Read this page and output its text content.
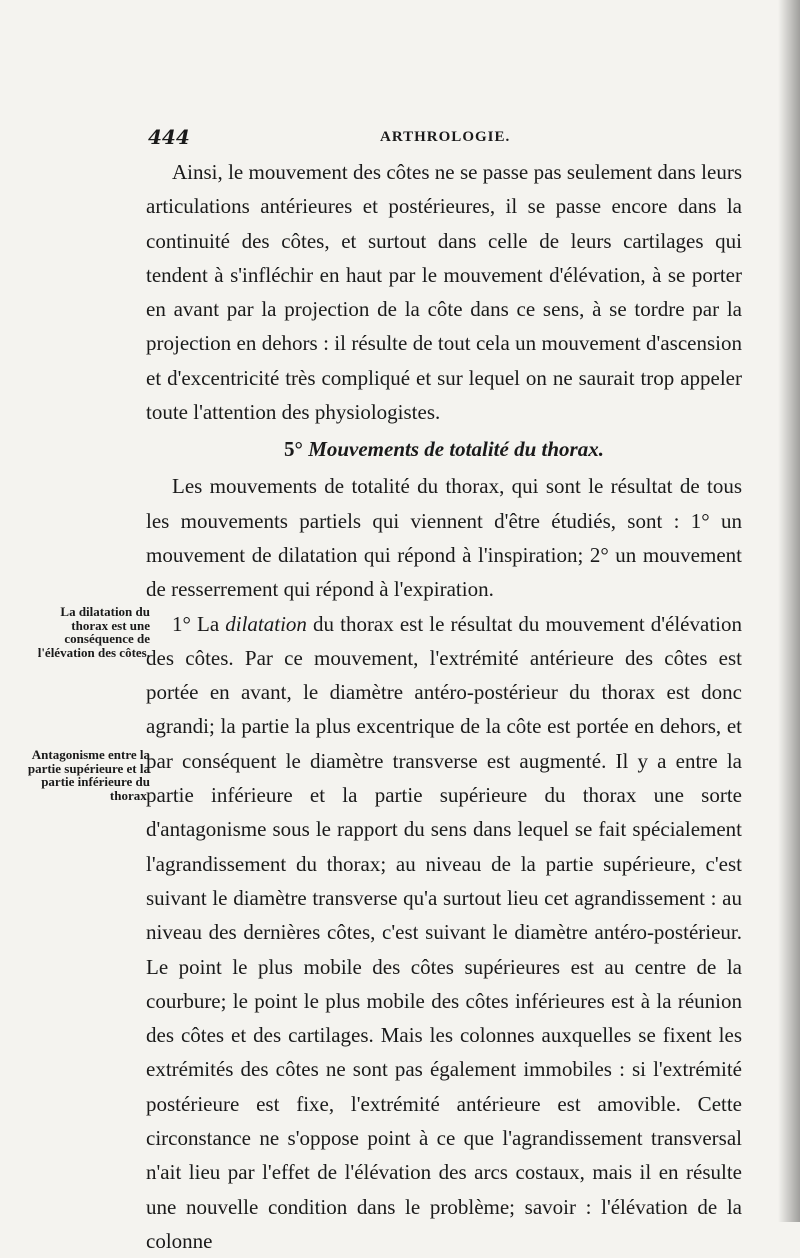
444	ARTHROLOGIE.
La dilatation du thorax est une conséquence de l'élévation des côtes.
Antagonisme entre la partie supérieure et la partie inférieure du thorax.

Ainsi, le mouvement des côtes ne se passe pas seulement dans leurs articulations antérieures et postérieures, il se passe encore dans la continuité des côtes, et surtout dans celle de leurs cartilages qui tendent à s'infléchir en haut par le mouvement d'élévation, à se porter en avant par la projection de la côte dans ce sens, à se tordre par la projection en dehors : il résulte de tout cela un mouvement d'ascension et d'excentricité très compliqué et sur lequel on ne saurait trop appeler toute l'attention des physiologistes.

5° Mouvements de totalité du thorax.

Les mouvements de totalité du thorax, qui sont le résultat de tous les mouvements partiels qui viennent d'être étudiés, sont : 1° un mouvement de dilatation qui répond à l'inspiration; 2° un mouvement de resserrement qui répond à l'expiration.

1° La dilatation du thorax est le résultat du mouvement d'élévation des côtes. Par ce mouvement, l'extrémité antérieure des côtes est portée en avant, le diamètre antéro-postérieur du thorax est donc agrandi; la partie la plus excentrique de la côte est portée en dehors, et par conséquent le diamètre transverse est augmenté. Il y a entre la partie inférieure et la partie supérieure du thorax une sorte d'antagonisme sous le rapport du sens dans lequel se fait spécialement l'agrandissement du thorax; au niveau de la partie supérieure, c'est suivant le diamètre transverse qu'a surtout lieu cet agrandissement : au niveau des dernières côtes, c'est suivant le diamètre antéro-postérieur. Le point le plus mobile des côtes supérieures est au centre de la courbure; le point le plus mobile des côtes inférieures est à la réunion des côtes et des cartilages. Mais les colonnes auxquelles se fixent les extrémités des côtes ne sont pas également immobiles : si l'extrémité postérieure est fixe, l'extrémité antérieure est amovible. Cette circonstance ne s'oppose point à ce que l'agrandissement transversal n'ait lieu par l'effet de l'élévation des arcs costaux, mais il en résulte une nouvelle condition dans le problème; savoir : l'élévation de la colonne
